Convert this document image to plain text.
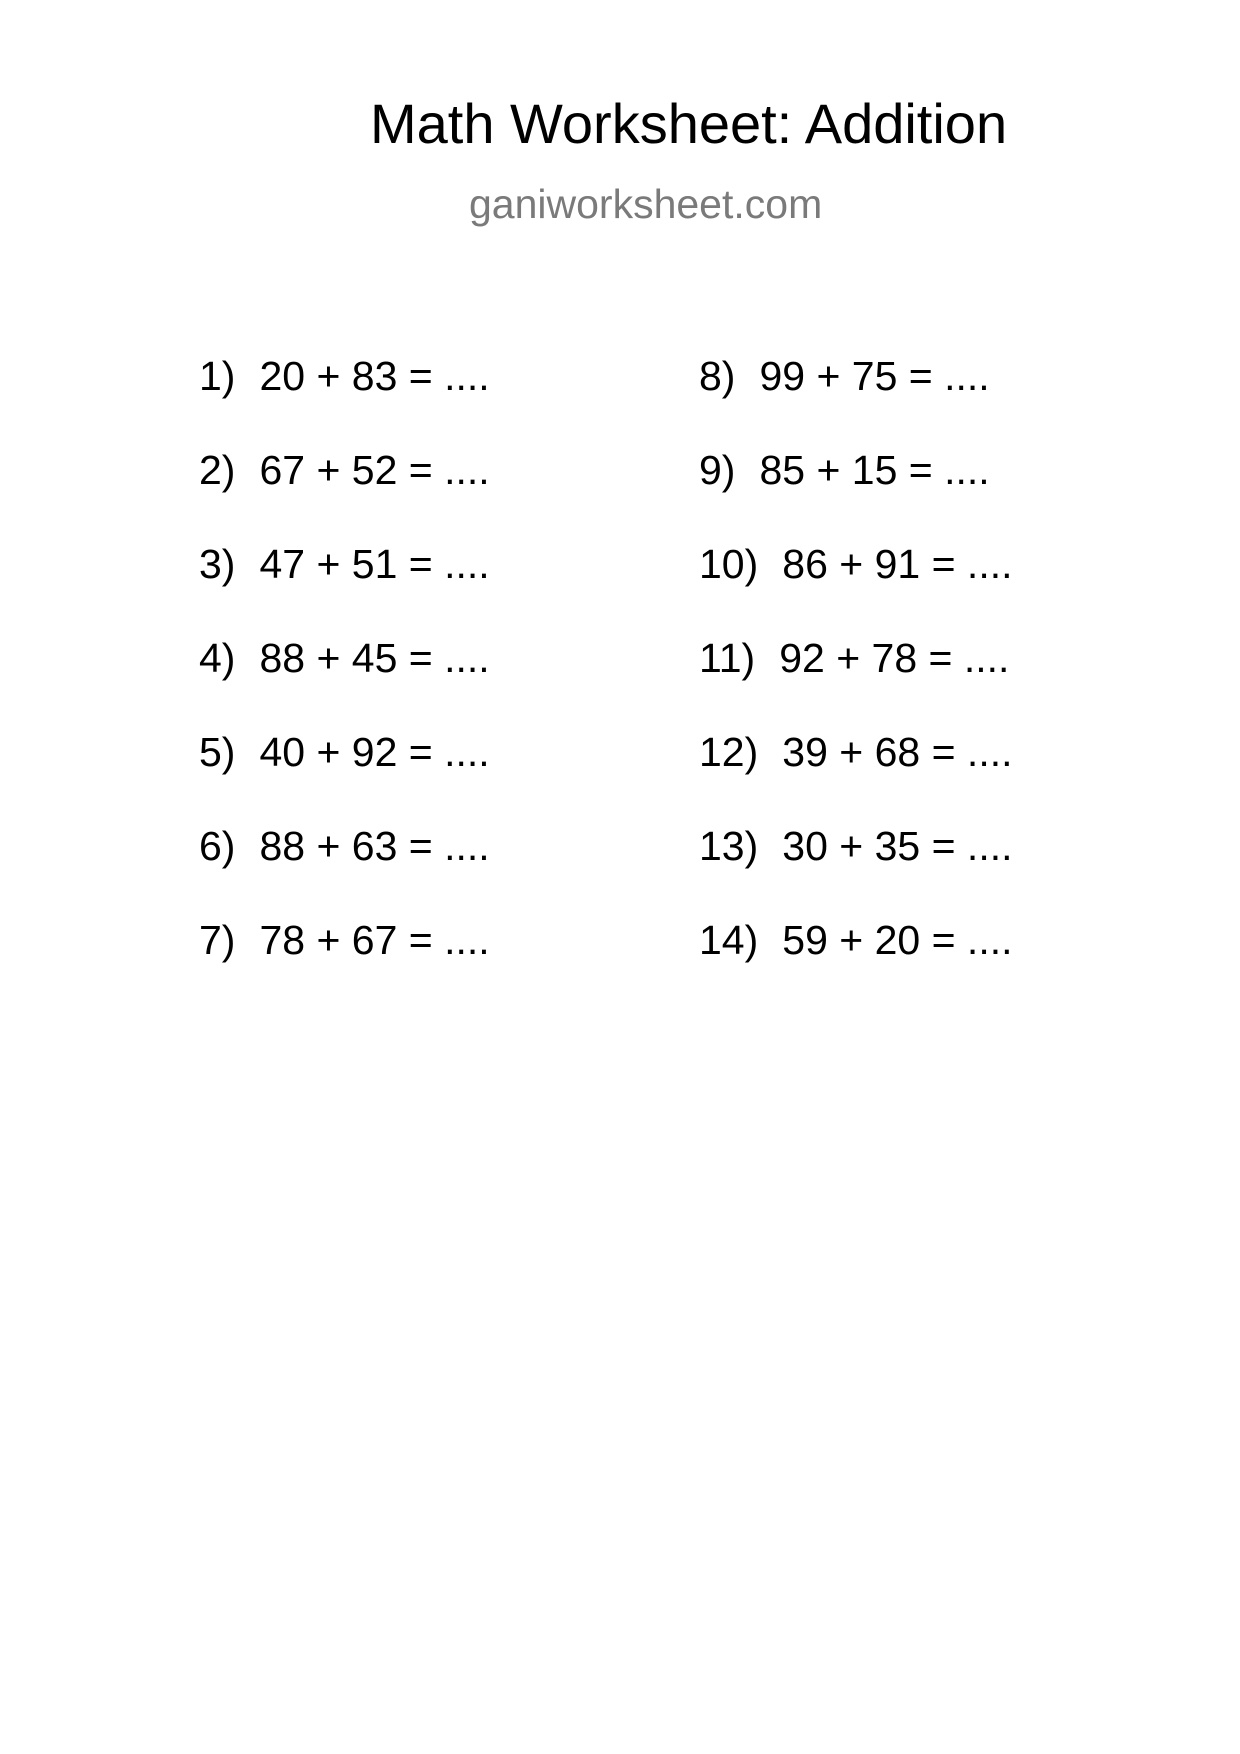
Math Worksheet: Addition
ganiworksheet.com
1) 20 + 83 = ....
2) 67 + 52 = ....
3) 47 + 51 = ....
4) 88 + 45 = ....
5) 40 + 92 = ....
6) 88 + 63 = ....
7) 78 + 67 = ....
8) 99 + 75 = ....
9) 85 + 15 = ....
10) 86 + 91 = ....
11) 92 + 78 = ....
12) 39 + 68 = ....
13) 30 + 35 = ....
14) 59 + 20 = ....
